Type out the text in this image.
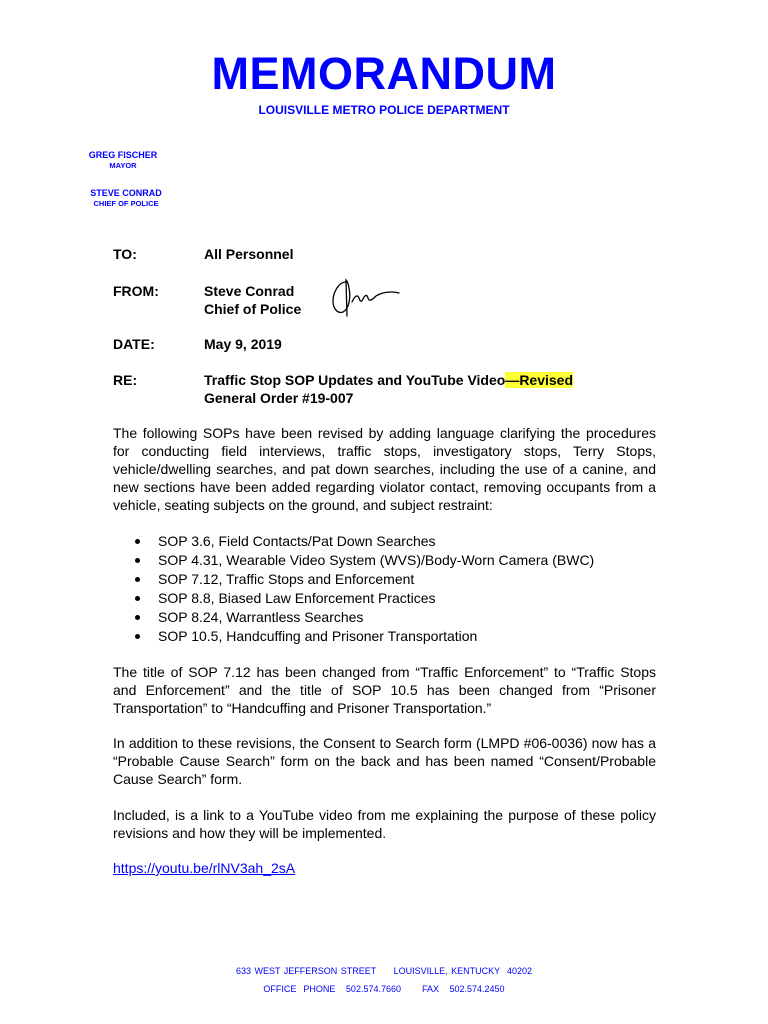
MEMORANDUM
LOUISVILLE METRO POLICE DEPARTMENT
GREG FISCHER
MAYOR
STEVE CONRAD
CHIEF OF POLICE
TO:	All Personnel
FROM:	Steve Conrad
Chief of Police
DATE:	May 9, 2019
RE:	Traffic Stop SOP Updates and YouTube Video—Revised
General Order #19-007
The following SOPs have been revised by adding language clarifying the procedures for conducting field interviews, traffic stops, investigatory stops, Terry Stops, vehicle/dwelling searches, and pat down searches, including the use of a canine, and new sections have been added regarding violator contact, removing occupants from a vehicle, seating subjects on the ground, and subject restraint:
SOP 3.6, Field Contacts/Pat Down Searches
SOP 4.31, Wearable Video System (WVS)/Body-Worn Camera (BWC)
SOP 7.12, Traffic Stops and Enforcement
SOP 8.8, Biased Law Enforcement Practices
SOP 8.24, Warrantless Searches
SOP 10.5, Handcuffing and Prisoner Transportation
The title of SOP 7.12 has been changed from “Traffic Enforcement” to “Traffic Stops and Enforcement” and the title of SOP 10.5 has been changed from “Prisoner Transportation” to “Handcuffing and Prisoner Transportation.”
In addition to these revisions, the Consent to Search form (LMPD #06-0036) now has a “Probable Cause Search” form on the back and has been named “Consent/Probable Cause Search” form.
Included, is a link to a YouTube video from me explaining the purpose of these policy revisions and how they will be implemented.
https://youtu.be/rlNV3ah_2sA
633 WEST JEFFERSON STREET     LOUISVILLE, KENTUCKY  40202
OFFICE  PHONE   502.574.7660      FAX   502.574.2450
